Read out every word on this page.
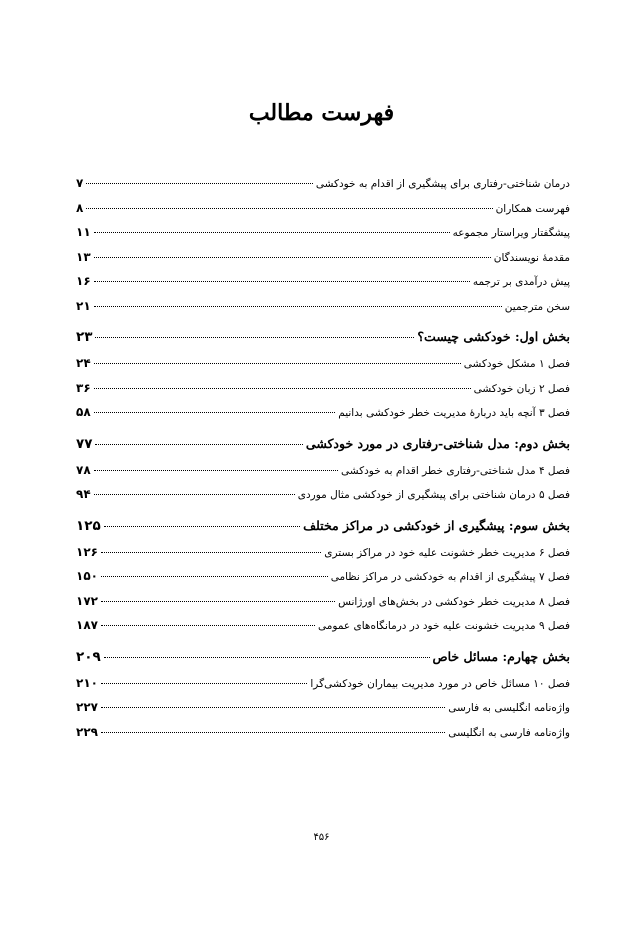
فهرست مطالب
درمان شناختی-رفتاری برای پیشگیری از اقدام به خودکشی
۷
فهرست همکاران
۸
پیشگفتار ویراستار مجموعه
۱۱
مقدمهٔ نویسندگان
۱۳
پیش درآمدی بر ترجمه
۱۶
سخن مترجمین
۲۱
بخش اول: خودکشی چیست؟
۲۳
فصل ۱ مشکل خودکشی
۲۴
فصل ۲ زبان خودکشی
۳۶
فصل ۳ آنچه باید دربارهٔ مدیریت خطر خودکشی بدانیم
۵۸
بخش دوم: مدل شناختی-رفتاری در مورد خودکشی
۷۷
فصل ۴ مدل شناختی-رفتاری خطر اقدام به خودکشی
۷۸
فصل ۵ درمان شناختی برای پیشگیری از خودکشی مثال موردی
۹۴
بخش سوم: پیشگیری از خودکشی در مراکز مختلف
۱۲۵
فصل ۶ مدیریت خطر خشونت علیه خود در مراکز بستری
۱۲۶
فصل ۷ پیشگیری از اقدام به خودکشی در مراکز نظامی
۱۵۰
فصل ۸ مدیریت خطر خودکشی در بخش‌های اورژانس
۱۷۲
فصل ۹ مدیریت خشونت علیه خود در درمانگاه‌های عمومی
۱۸۷
بخش چهارم: مسائل خاص
۲۰۹
فصل ۱۰ مسائل خاص در مورد مدیریت بیماران خودکشی‌گرا
۲۱۰
واژه‌نامه انگلیسی به فارسی
۲۲۷
واژه‌نامه فارسی به انگلیسی
۲۲۹
۴۵۶
